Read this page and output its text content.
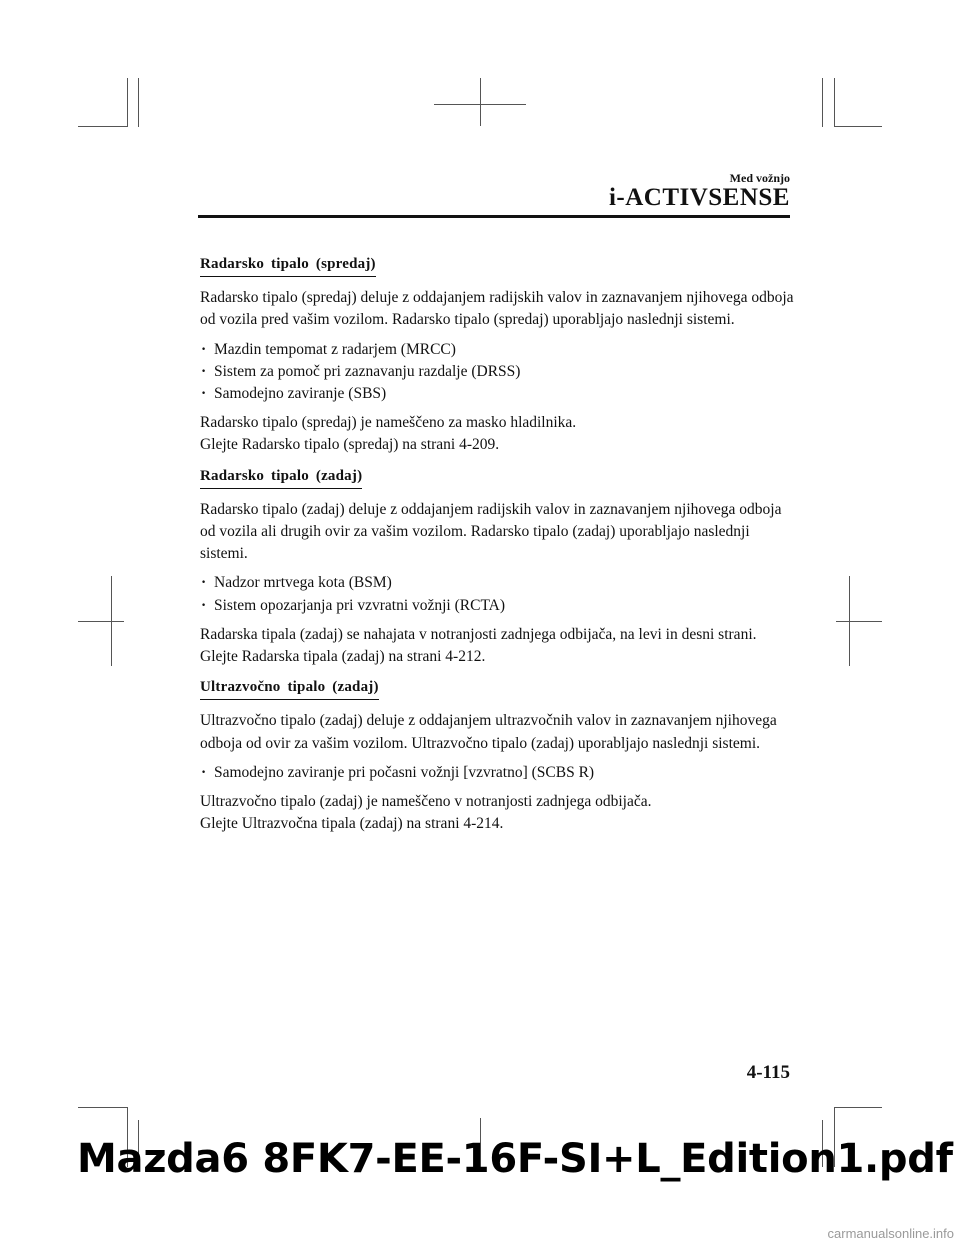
Med vožnjo
i-ACTIVSENSE
Radarsko tipalo (spredaj)

Radarsko tipalo (spredaj) deluje z oddajanjem radijskih valov in zaznavanjem njihovega odboja od vozila pred vašim vozilom. Radarsko tipalo (spredaj) uporabljajo naslednji sistemi.

· Mazdin tempomat z radarjem (MRCC)
· Sistem za pomoč pri zaznavanju razdalje (DRSS)
· Samodejno zaviranje (SBS)
Radarsko tipalo (spredaj) je nameščeno za masko hladilnika.
Glejte Radarsko tipalo (spredaj) na strani 4-209.
Radarsko tipalo (zadaj)

Radarsko tipalo (zadaj) deluje z oddajanjem radijskih valov in zaznavanjem njihovega odboja od vozila ali drugih ovir za vašim vozilom. Radarsko tipalo (zadaj) uporabljajo naslednji sistemi.

· Nadzor mrtvega kota (BSM)
· Sistem opozarjanja pri vzvratni vožnji (RCTA)
Radarska tipala (zadaj) se nahajata v notranjosti zadnjega odbijača, na levi in desni strani.
Glejte Radarska tipala (zadaj) na strani 4-212.
Ultrazvočno tipalo (zadaj)

Ultrazvočno tipalo (zadaj) deluje z oddajanjem ultrazvočnih valov in zaznavanjem njihovega odboja od ovir za vašim vozilom. Ultrazvočno tipalo (zadaj) uporabljajo naslednji sistemi.

· Samodejno zaviranje pri počasni vožnji [vzvratno] (SCBS R)
Ultrazvočno tipalo (zadaj) je nameščeno v notranjosti zadnjega odbijača.
Glejte Ultrazvočna tipala (zadaj) na strani 4-214.
4-115
Mazda6 8FK7-EE-16F-SI+L_Edition1.pdf
carmanualsonline.info
